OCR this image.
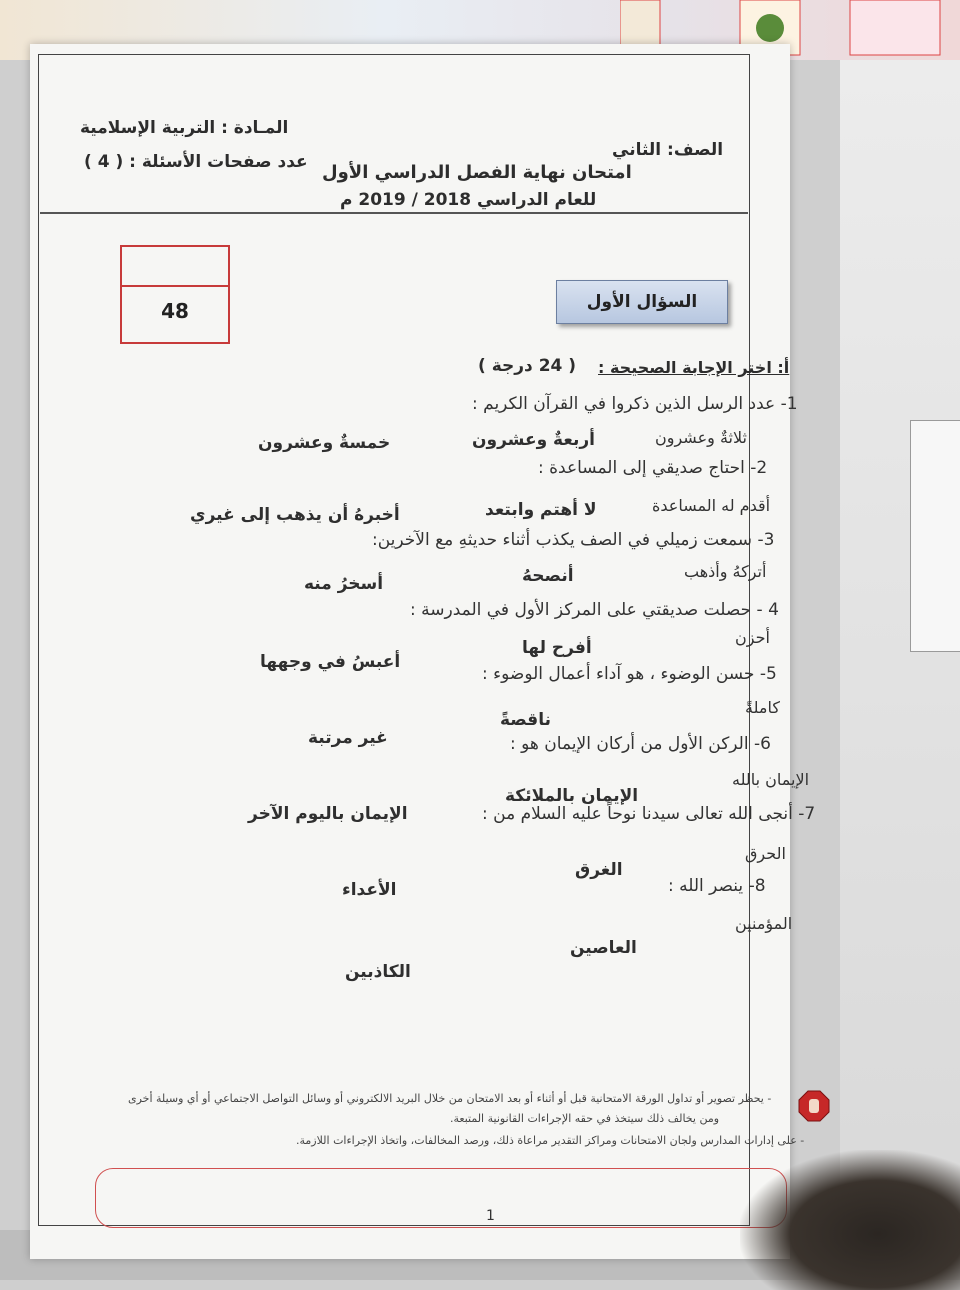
المـادة : التربية الإسلامية
عدد صفحات الأسئلة : ( 4 )
الصف: الثاني
امتحان نهاية الفصل الدراسي الأول
للعام الدراسي 2018 / 2019 م
48	السؤال الأول
أ: اختر الإجابة الصحيحة :
( 24 درجة )
1- عدد الرسل الذين ذكروا في القرآن الكريم :
ثلاثةٌ وعشرون
أربعةٌ وعشرون
خمسةٌ وعشرون
2- احتاج صديقي إلى المساعدة :
أقدم له المساعدة
لا أهتم وابتعد
أخبرهُ أن يذهب إلى غيري
3- سمعت زميلي في الصف يكذب أثناء حديثهِ مع الآخرين:
أتركهُ وأذهب
أنصحهُ
أسخرُ منه
4 - حصلت صديقتي على المركز الأول في المدرسة :
أحزن
أفرح لها
أعبسُ في وجهها
5- حسن الوضوء ، هو آداء أعمال الوضوء :
كاملةً
ناقصةً
غير مرتبة	6- الركن الأول من أركان الإيمان هو :
الإيمان بالله
الإيمان بالملائكة
الإيمان باليوم الآخر	7- أنجى الله تعالى سيدنا نوحاً عليه السلام من :
الحرق
الغرق
الأعداء	8- ينصر الله :
المؤمنين
العاصين
الكاذبين
- يحظر تصوير أو تداول الورقة الامتحانية قبل أو أثناء أو بعد الامتحان من خلال البريد الالكتروني أو وسائل التواصل الاجتماعي أو أي وسيلة أخرى
ومن يخالف ذلك سيتخذ في حقه الإجراءات القانونية المتبعة.
- على إدارات المدارس ولجان الامتحانات ومراكز التقدير مراعاة ذلك، ورصد المخالفات، واتخاذ الإجراءات اللازمة.
1
